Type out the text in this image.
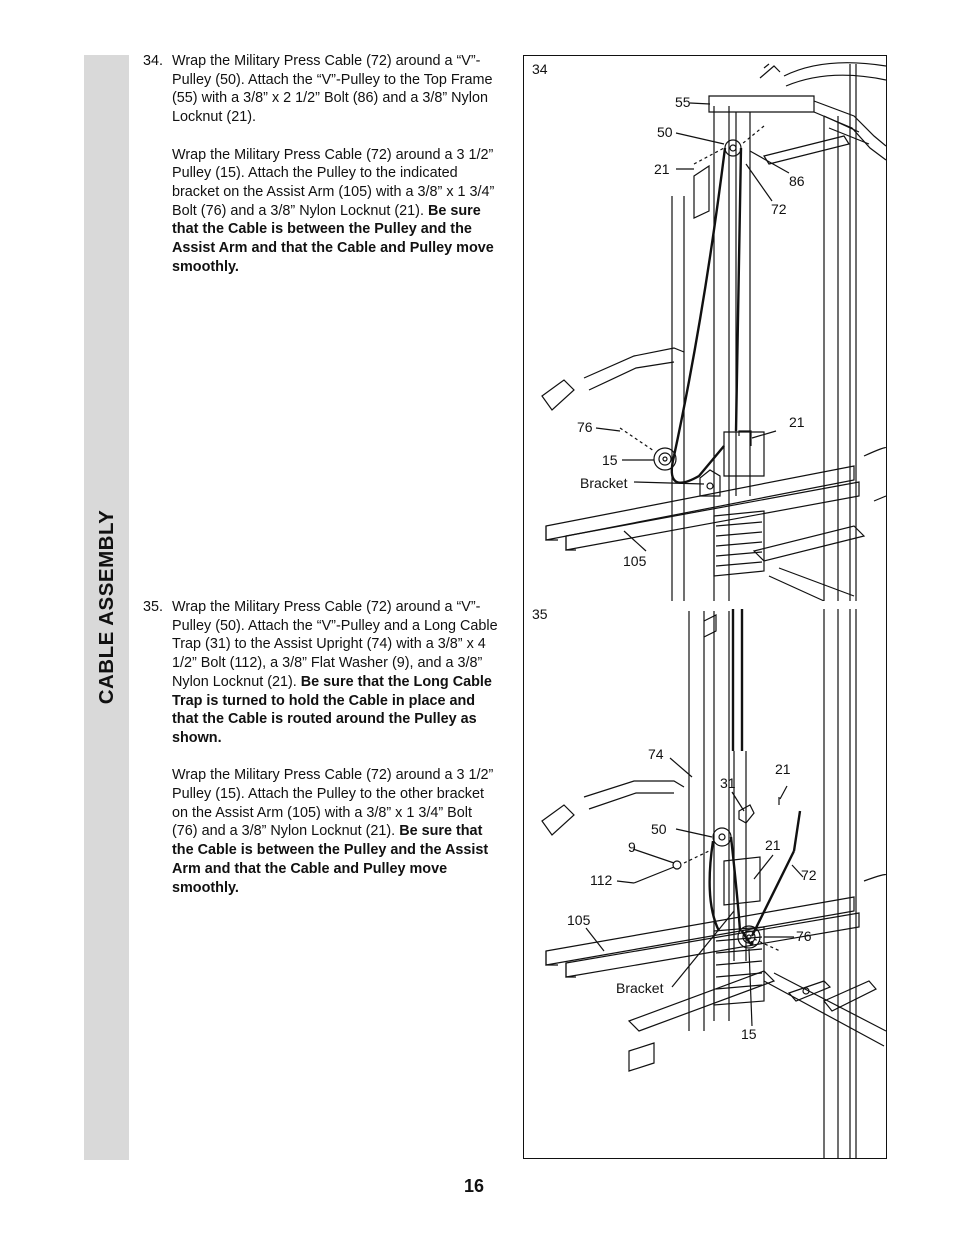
CABLE ASSEMBLY
34. Wrap the Military Press Cable (72) around a “V”-Pulley (50). Attach the “V”-Pulley to the Top Frame (55) with a 3/8” x 2 1/2” Bolt (86) and a 3/8” Nylon Locknut (21).

Wrap the Military Press Cable (72) around a 3 1/2” Pulley (15). Attach the Pulley to the indicated bracket on the Assist Arm (105) with a 3/8” x 1 3/4” Bolt (76) and a 3/8” Nylon Locknut (21). Be sure that the Cable is between the Pulley and the Assist Arm and that the Cable and Pulley move smoothly.

35. Wrap the Military Press Cable (72) around a “V”-Pulley (50). Attach the “V”-Pulley and a Long Cable Trap (31) to the Assist Upright (74) with a 3/8” x 4 1/2” Bolt (112), a 3/8” Flat Washer (9), and a 3/8” Nylon Locknut (21). Be sure that the Long Cable Trap is turned to hold the Cable in place and that the Cable is routed around the Pulley as shown.

Wrap the Military Press Cable (72) around a 3 1/2” Pulley (15). Attach the Pulley to the other bracket on the Assist Arm (105) with a 3/8” x 1 3/4” Bolt (76) and a 3/8” Nylon Locknut (21). Be sure that the Cable is between the Pulley and the Assist Arm and that the Cable and Pulley move smoothly.

34
55
50
21
86
72
21
76
15
Bracket
105
35
74
31
21
50
9	21
112	72
105
76
Bracket
15
16
